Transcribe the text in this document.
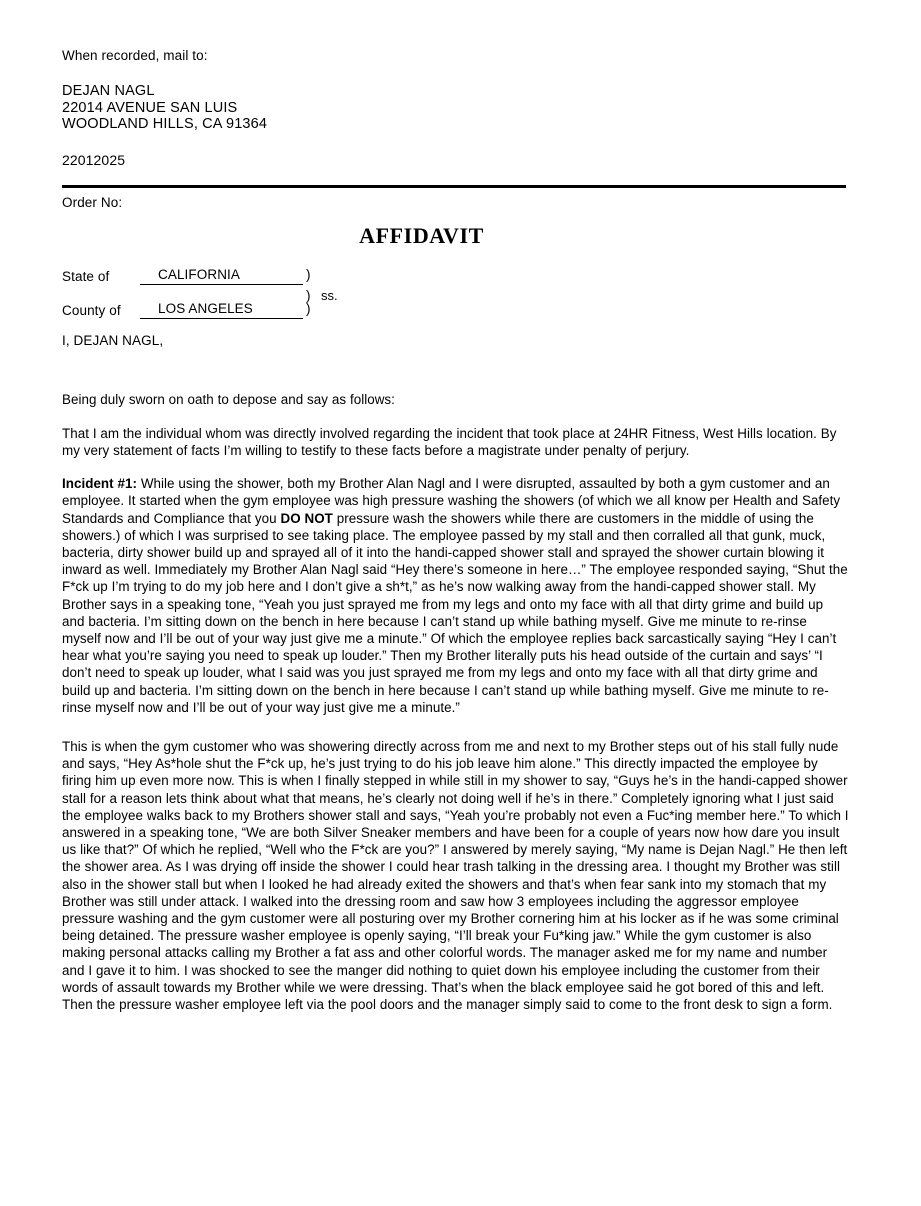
When recorded, mail to:
DEJAN NAGL
22014 AVENUE SAN LUIS
WOODLAND HILLS, CA 91364
22012025
Order No:
AFFIDAVIT
State of	CALIFORNIA
County of	LOS ANGELES
)
)
)
ss.
I, DEJAN NAGL,

Being duly sworn on oath to depose and say as follows:

That I am the individual whom was directly involved regarding the incident that took place at 24HR Fitness, West Hills location. By my very statement of facts I’m willing to testify to these facts before a magistrate under penalty of perjury.

Incident #1: While using the shower, both my Brother Alan Nagl and I were disrupted, assaulted by both a gym customer and an employee. It started when the gym employee was high pressure washing the showers (of which we all know per Health and Safety Standards and Compliance that you DO NOT pressure wash the showers while there are customers in the middle of using the showers.) of which I was surprised to see taking place. The employee passed by my stall and then corralled all that gunk, muck, bacteria, dirty shower build up and sprayed all of it into the handi-capped shower stall and sprayed the shower curtain blowing it inward as well. Immediately my Brother Alan Nagl said “Hey there’s someone in here…” The employee responded saying, “Shut the F*ck up I’m trying to do my job here and I don’t give a sh*t,” as he’s now walking away from the handi-capped shower stall. My Brother says in a speaking tone, “Yeah you just sprayed me from my legs and onto my face with all that dirty grime and build up and bacteria. I’m sitting down on the bench in here because I can’t stand up while bathing myself. Give me minute to re-rinse myself now and I’ll be out of your way just give me a minute.” Of which the employee replies back sarcastically saying “Hey I can’t hear what you’re saying you need to speak up louder.” Then my Brother literally puts his head outside of the curtain and says’ “I don’t need to speak up louder, what I said was you just sprayed me from my legs and onto my face with all that dirty grime and build up and bacteria. I’m sitting down on the bench in here because I can’t stand up while bathing myself. Give me minute to re-rinse myself now and I’ll be out of your way just give me a minute.”

This is when the gym customer who was showering directly across from me and next to my Brother steps out of his stall fully nude and says, “Hey As*hole shut the F*ck up, he’s just trying to do his job leave him alone.” This directly impacted the employee by firing him up even more now. This is when I finally stepped in while still in my shower to say, “Guys he’s in the handi-capped shower stall for a reason lets think about what that means, he’s clearly not doing well if he’s in there.” Completely ignoring what I just said the employee walks back to my Brothers shower stall and says, “Yeah you’re probably not even a Fuc*ing member here.” To which I answered in a speaking tone, “We are both Silver Sneaker members and have been for a couple of years now how dare you insult us like that?” Of which he replied, “Well who the F*ck are you?” I answered by merely saying, “My name is Dejan Nagl.” He then left the shower area. As I was drying off inside the shower I could hear trash talking in the dressing area. I thought my Brother was still also in the shower stall but when I looked he had already exited the showers and that’s when fear sank into my stomach that my Brother was still under attack. I walked into the dressing room and saw how 3 employees including the aggressor employee pressure washing and the gym customer were all posturing over my Brother cornering him at his locker as if he was some criminal being detained. The pressure washer employee is openly saying, “I’ll break your Fu*king jaw.” While the gym customer is also making personal attacks calling my Brother a fat ass and other colorful words. The manager asked me for my name and number and I gave it to him. I was shocked to see the manger did nothing to quiet down his employee including the customer from their words of assault towards my Brother while we were dressing. That’s when the black employee said he got bored of this and left. Then the pressure washer employee left via the pool doors and the manager simply said to come to the front desk to sign a form.
